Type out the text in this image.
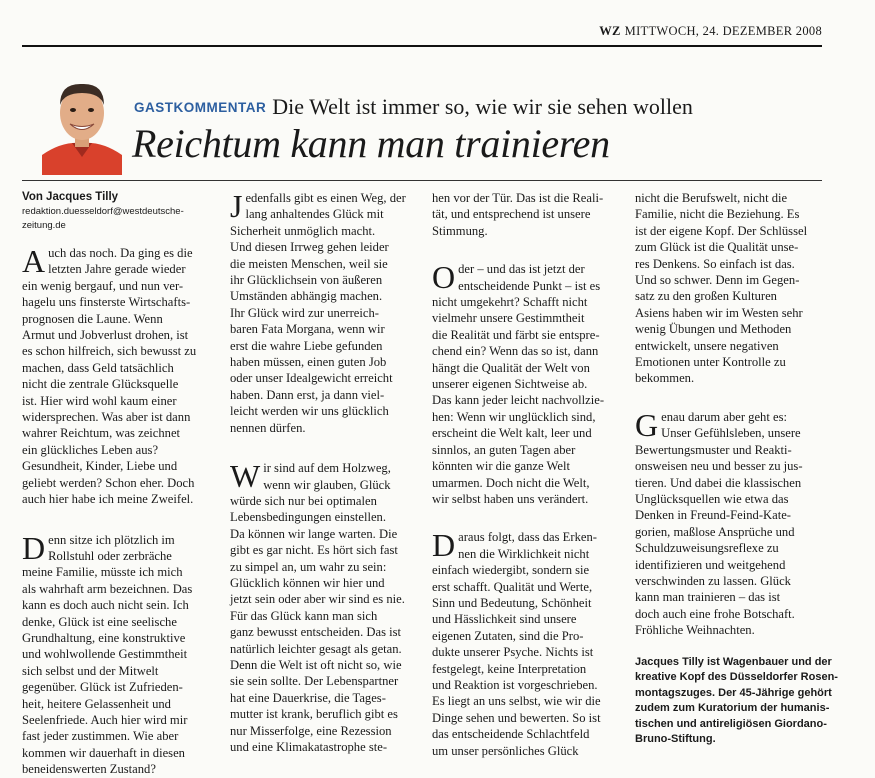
WZ MITTWOCH, 24. DEZEMBER 2008
GASTKOMMENTAR Die Welt ist immer so, wie wir sie sehen wollen
Reichtum kann man trainieren
Von Jacques Tilly
redaktion.duesseldorf@westdeutsche-zeitung.de
A uch das noch. Da ging es die

letzten Jahre gerade wieder

ein wenig bergauf, und nun ver-

hagelu uns finsterste Wirtschafts-

prognosen die Laune. Wenn

Armut und Jobverlust drohen, ist

es schon hilfreich, sich bewusst zu

machen, dass Geld tatsächlich

nicht die zentrale Glücksquelle

ist. Hier wird wohl kaum einer

widersprechen. Was aber ist dann

wahrer Reichtum, was zeichnet

ein glückliches Leben aus?

Gesundheit, Kinder, Liebe und

geliebt werden? Schon eher. Doch

auch hier habe ich meine Zweifel.

D enn sitze ich plötzlich im

Rollstuhl oder zerbräche

meine Familie, müsste ich mich

als wahrhaft arm bezeichnen. Das

kann es doch auch nicht sein. Ich

denke, Glück ist eine seelische

Grundhaltung, eine konstruktive

und wohlwollende Gestimmtheit

sich selbst und der Mitwelt

gegenüber. Glück ist Zufrieden-

heit, heitere Gelassenheit und

Seelenfriede. Auch hier wird mir

fast jeder zustimmen. Wie aber

kommen wir dauerhaft in diesen

beneidenswerten Zustand?

J edenfalls gibt es einen Weg, der

lang anhaltendes Glück mit

Sicherheit unmöglich macht.

Und diesen Irrweg gehen leider

die meisten Menschen, weil sie

ihr Glücklichsein von äußeren

Umständen abhängig machen.

Ihr Glück wird zur unerreich-

baren Fata Morgana, wenn wir

erst die wahre Liebe gefunden

haben müssen, einen guten Job

oder unser Idealgewicht erreicht

haben. Dann erst, ja dann viel-

leicht werden wir uns glücklich

nennen dürfen.

W ir sind auf dem Holzweg,

wenn wir glauben, Glück

würde sich nur bei optimalen

Lebensbedingungen einstellen.

Da können wir lange warten. Die

gibt es gar nicht. Es hört sich fast

zu simpel an, um wahr zu sein:

Glücklich können wir hier und

jetzt sein oder aber wir sind es nie.

Für das Glück kann man sich

ganz bewusst entscheiden. Das ist

natürlich leichter gesagt als getan.

Denn die Welt ist oft nicht so, wie

sie sein sollte. Der Lebenspartner

hat eine Dauerkrise, die Tages-

mutter ist krank, beruflich gibt es

nur Misserfolge, eine Rezession

und eine Klimakatastrophe ste-

hen vor der Tür. Das ist die Reali-

tät, und entsprechend ist unsere

Stimmung.

O der – und das ist jetzt der

entscheidende Punkt – ist es

nicht umgekehrt? Schafft nicht

vielmehr unsere Gestimmtheit

die Realität und färbt sie entspre-

chend ein? Wenn das so ist, dann

hängt die Qualität der Welt von

unserer eigenen Sichtweise ab.

Das kann jeder leicht nachvollzie-

hen: Wenn wir unglücklich sind,

erscheint die Welt kalt, leer und

sinnlos, an guten Tagen aber

könnten wir die ganze Welt

umarmen. Doch nicht die Welt,

wir selbst haben uns verändert.

D araus folgt, dass das Erken-

nen die Wirklichkeit nicht

einfach wiedergibt, sondern sie

erst schafft. Qualität und Werte,

Sinn und Bedeutung, Schönheit

und Hässlichkeit sind unsere

eigenen Zutaten, sind die Pro-

dukte unserer Psyche. Nichts ist

festgelegt, keine Interpretation

und Reaktion ist vorgeschrieben.

Es liegt an uns selbst, wie wir die

Dinge sehen und bewerten. So ist

das entscheidende Schlachtfeld

um unser persönliches Glück

nicht die Berufswelt, nicht die

Familie, nicht die Beziehung. Es

ist der eigene Kopf. Der Schlüssel

zum Glück ist die Qualität unse-

res Denkens. So einfach ist das.

Und so schwer. Denn im Gegen-

satz zu den großen Kulturen

Asiens haben wir im Westen sehr

wenig Übungen und Methoden

entwickelt, unsere negativen

Emotionen unter Kontrolle zu

bekommen.

G enau darum aber geht es:

Unser Gefühlsleben, unsere

Bewertungsmuster und Reakti-

onsweisen neu und besser zu jus-

tieren. Und dabei die klassischen

Unglücksquellen wie etwa das

Denken in Freund-Feind-Kate-

gorien, maßlose Ansprüche und

Schuldzuweisungsreflexe zu

identifizieren und weitgehend

verschwinden zu lassen. Glück

kann man trainieren – das ist

doch auch eine frohe Botschaft.

Fröhliche Weihnachten.

Jacques Tilly ist Wagenbauer und der

kreative Kopf des Düsseldorfer Rosen-

montagszuges. Der 45-Jährige gehört

zudem zum Kuratorium der humanis-

tischen und antireligiösen Giordano-

Bruno-Stiftung.
